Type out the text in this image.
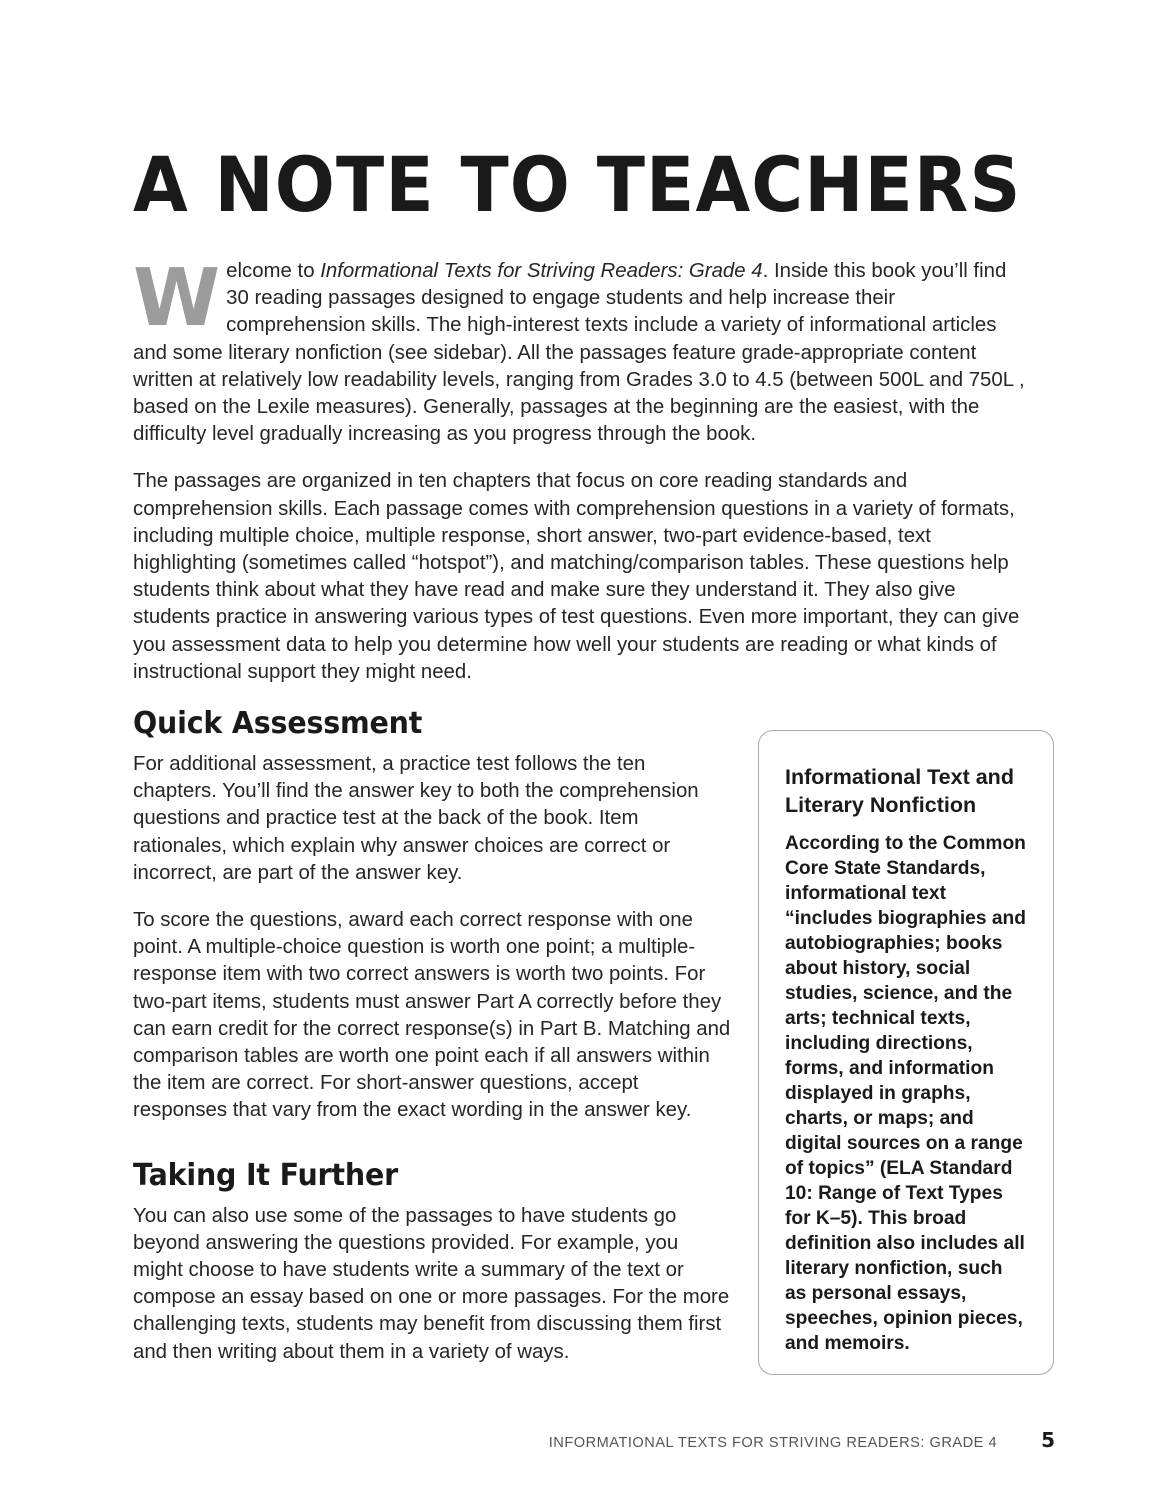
A NOTE TO TEACHERS

Welcome to Informational Texts for Striving Readers: Grade 4. Inside this book you’ll find 30 reading passages designed to engage students and help increase their comprehension skills. The high-interest texts include a variety of informational articles and some literary nonfiction (see sidebar). All the passages feature grade-appropriate content written at relatively low readability levels, ranging from Grades 3.0 to 4.5 (between 500L and 750L , based on the Lexile measures). Generally, passages at the beginning are the easiest, with the difficulty level gradually increasing as you progress through the book.

The passages are organized in ten chapters that focus on core reading standards and comprehension skills. Each passage comes with comprehension questions in a variety of formats, including multiple choice, multiple response, short answer, two-part evidence-based, text highlighting (sometimes called “hotspot”), and matching/comparison tables. These questions help students think about what they have read and make sure they understand it. They also give students practice in answering various types of test questions. Even more important, they can give you assessment data to help you determine how well your students are reading or what kinds of instructional support they might need.

Quick Assessment

For additional assessment, a practice test follows the ten chapters. You’ll find the answer key to both the comprehension questions and practice test at the back of the book. Item rationales, which explain why answer choices are correct or incorrect, are part of the answer key.

To score the questions, award each correct response with one point. A multiple-choice question is worth one point; a multiple-response item with two correct answers is worth two points. For two-part items, students must answer Part A correctly before they can earn credit for the correct response(s) in Part B. Matching and comparison tables are worth one point each if all answers within the item are correct. For short-answer questions, accept responses that vary from the exact wording in the answer key.

Taking It Further

You can also use some of the passages to have students go beyond answering the questions provided. For example, you might choose to have students write a summary of the text or compose an essay based on one or more passages. For the more challenging texts, students may benefit from discussing them first and then writing about them in a variety of ways.

Informational Text and Literary Nonfiction

According to the Common Core State Standards, informational text “includes biographies and autobiographies; books about history, social studies, science, and the arts; technical texts, including directions, forms, and information displayed in graphs, charts, or maps; and digital sources on a range of topics” (ELA Standard 10: Range of Text Types for K–5). This broad definition also includes all literary nonfiction, such as personal essays, speeches, opinion pieces, and memoirs.

INFORMATIONAL TEXTS FOR STRIVING READERS: GRADE 4 5
